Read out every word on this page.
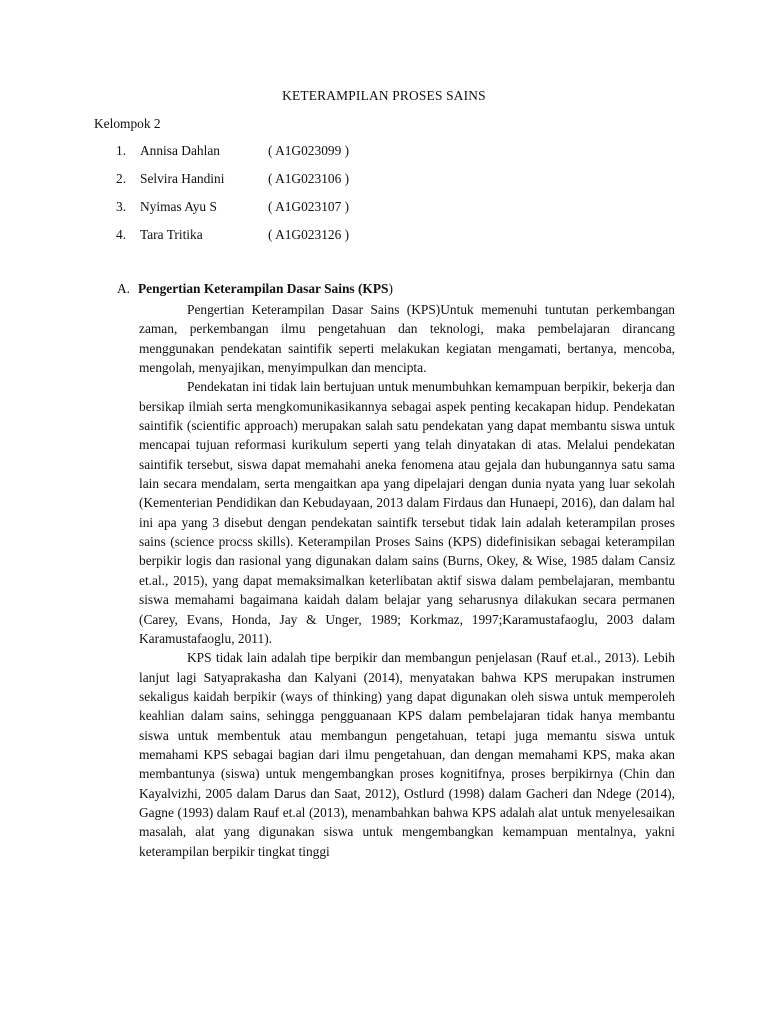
KETERAMPILAN PROSES SAINS
Kelompok 2
1.	Annisa Dahlan	( A1G023099 )
2.	Selvira Handini	( A1G023106 )
3.	Nyimas Ayu S	( A1G023107 )
4.	Tara Tritika	( A1G023126 )
A. Pengertian Keterampilan Dasar Sains (KPS)

Pengertian Keterampilan Dasar Sains (KPS)Untuk memenuhi tuntutan perkembangan zaman, perkembangan ilmu pengetahuan dan teknologi, maka pembelajaran dirancang menggunakan pendekatan saintifik seperti melakukan kegiatan mengamati, bertanya, mencoba, mengolah, menyajikan, menyimpulkan dan mencipta.

Pendekatan ini tidak lain bertujuan untuk menumbuhkan kemampuan berpikir, bekerja dan bersikap ilmiah serta mengkomunikasikannya sebagai aspek penting kecakapan hidup. Pendekatan saintifik (scientific approach) merupakan salah satu pendekatan yang dapat membantu siswa untuk mencapai tujuan reformasi kurikulum seperti yang telah dinyatakan di atas. Melalui pendekatan saintifik tersebut, siswa dapat memahahi aneka fenomena atau gejala dan hubungannya satu sama lain secara mendalam, serta mengaitkan apa yang dipelajari dengan dunia nyata yang luar sekolah (Kementerian Pendidikan dan Kebudayaan, 2013 dalam Firdaus dan Hunaepi, 2016), dan dalam hal ini apa yang 3 disebut dengan pendekatan saintifk tersebut tidak lain adalah keterampilan proses sains (science procss skills). Keterampilan Proses Sains (KPS) didefinisikan sebagai keterampilan berpikir logis dan rasional yang digunakan dalam sains (Burns, Okey, & Wise, 1985 dalam Cansiz et.al., 2015), yang dapat memaksimalkan keterlibatan aktif siswa dalam pembelajaran, membantu siswa memahami bagaimana kaidah dalam belajar yang seharusnya dilakukan secara permanen (Carey, Evans, Honda, Jay & Unger, 1989; Korkmaz, 1997;Karamustafaoglu, 2003 dalam Karamustafaoglu, 2011).

KPS tidak lain adalah tipe berpikir dan membangun penjelasan (Rauf et.al., 2013). Lebih lanjut lagi Satyaprakasha dan Kalyani (2014), menyatakan bahwa KPS merupakan instrumen sekaligus kaidah berpikir (ways of thinking) yang dapat digunakan oleh siswa untuk memperoleh keahlian dalam sains, sehingga pengguanaan KPS dalam pembelajaran tidak hanya membantu siswa untuk membentuk atau membangun pengetahuan, tetapi juga memantu siswa untuk memahami KPS sebagai bagian dari ilmu pengetahuan, dan dengan memahami KPS, maka akan membantunya (siswa) untuk mengembangkan proses kognitifnya, proses berpikirnya (Chin dan Kayalvizhi, 2005 dalam Darus dan Saat, 2012), Ostlurd (1998) dalam Gacheri dan Ndege (2014), Gagne (1993) dalam Rauf et.al (2013), menambahkan bahwa KPS adalah alat untuk menyelesaikan masalah, alat yang digunakan siswa untuk mengembangkan kemampuan mentalnya, yakni keterampilan berpikir tingkat tinggi
